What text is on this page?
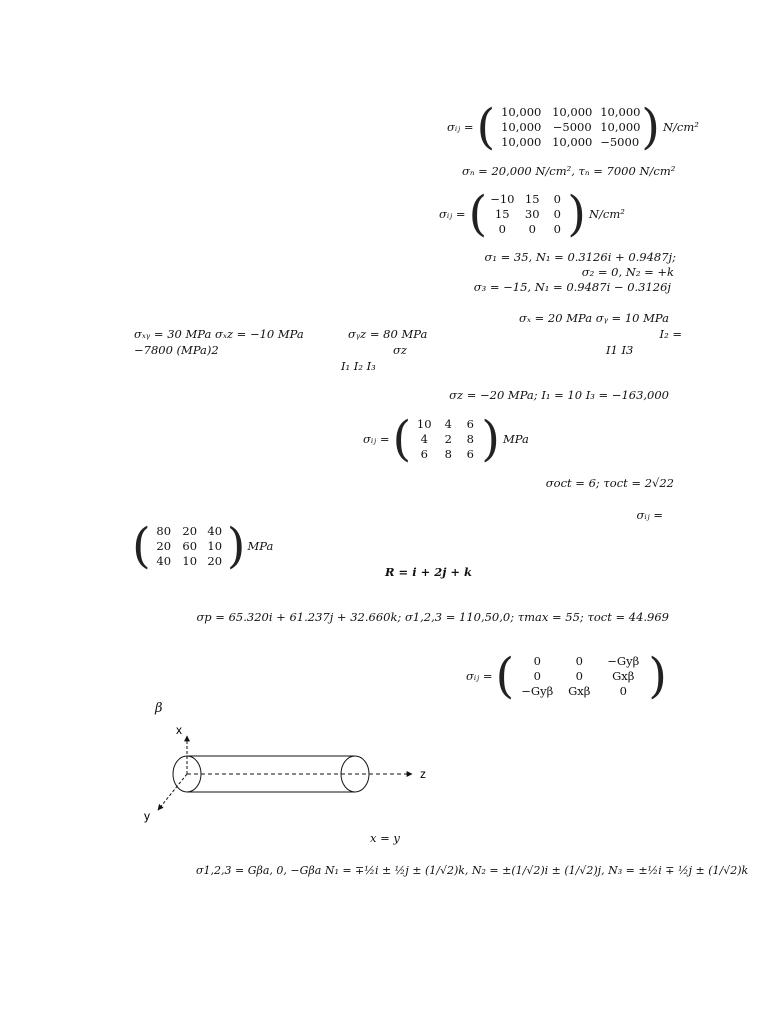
σᵢⱼ = ( 10,000 10,000 10,000
10,000 −5000 10,000
10,000 10,000 −5000 ) N/cm²
σₙ = 20,000 N/cm², τₙ = 7000 N/cm²
σᵢⱼ = ( −10 15	0
15	30	0
0	0	0 ) N/cm²
σ₁ = 35, N₁ = 0.3126i + 0.9487j;
σ₂ = 0, N₂ = +k
σ₃ = −15, N₁ = 0.9487i − 0.3126j
σₓ = 20 MPa σᵧ = 10 MPa
σₓᵧ = 30 MPa σₓz = −10 MPa	σᵧz = 80 MPa	I₂ =
−7800 (MPa)2	σz	I1 I3
I₁ I₂ I₃
σz = −20 MPa; I₁ = 10 I₃ = −163,000
σᵢⱼ = ( 10	4	6
4	2	8
6	8	6 ) MPa
σoct = 6; τoct = 2√22
σᵢⱼ =
( 80 20 40
20 60 10
40 10 20 ) MPa
R = i + 2j + k
σp = 65.320i + 61.237j + 32.660k; σ1,2,3 = 110,50,0; τmax = 55; τoct = 44.969
σᵢⱼ = (	0	0	−Gyβ
0	0	Gxβ
−Gyβ	Gxβ	0 )
β
x
y
z
x = y
σ1,2,3 = Gβa, 0, −Gβa N₁ = ∓½i ± ½j ± (1/√2)k, N₂ = ±(1/√2)i ± (1/√2)j, N₃ = ±½i ∓ ½j ± (1/√2)k
